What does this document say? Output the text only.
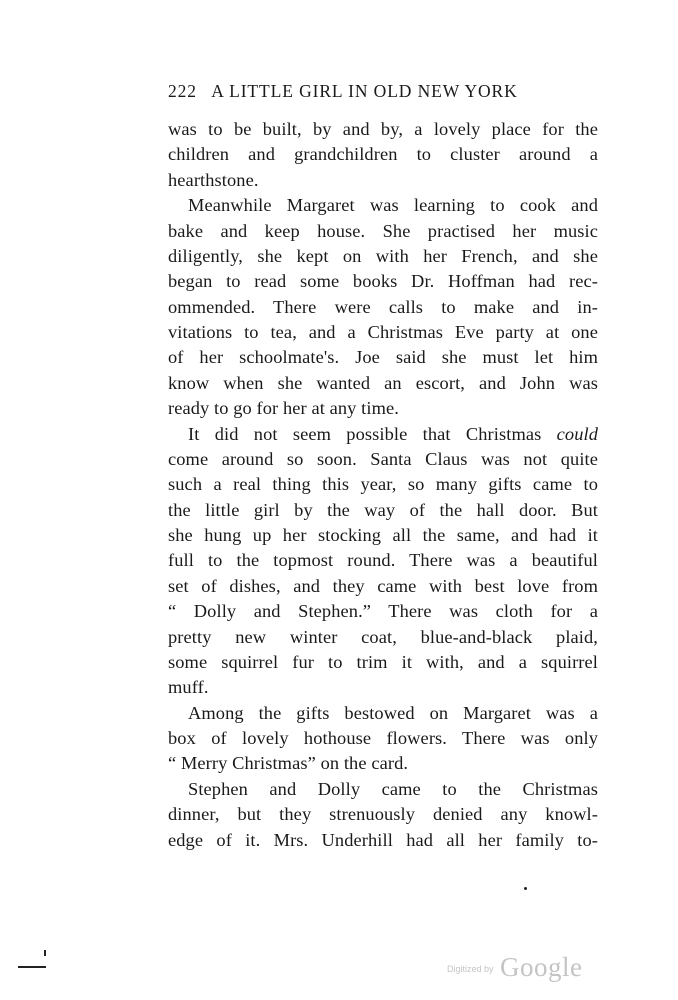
222 A LITTLE GIRL IN OLD NEW YORK
was to be built, by and by, a lovely place for the
children and grandchildren to cluster around a
hearthstone.
Meanwhile Margaret was learning to cook and
bake and keep house. She practised her music
diligently, she kept on with her French, and she
began to read some books Dr. Hoffman had rec-
ommended. There were calls to make and in-
vitations to tea, and a Christmas Eve party at one
of her schoolmate's. Joe said she must let him
know when she wanted an escort, and John was
ready to go for her at any time.
It did not seem possible that Christmas could
come around so soon. Santa Claus was not quite
such a real thing this year, so many gifts came to
the little girl by the way of the hall door. But
she hung up her stocking all the same, and had it
full to the topmost round. There was a beautiful
set of dishes, and they came with best love from
“ Dolly and Stephen.” There was cloth for a
pretty new winter coat, blue-and-black plaid,
some squirrel fur to trim it with, and a squirrel
muff.
Among the gifts bestowed on Margaret was a
box of lovely hothouse flowers. There was only
“ Merry Christmas” on the card.
Stephen and Dolly came to the Christmas
dinner, but they strenuously denied any knowl-
edge of it. Mrs. Underhill had all her family to-
$^{Digitized by}$ Google
